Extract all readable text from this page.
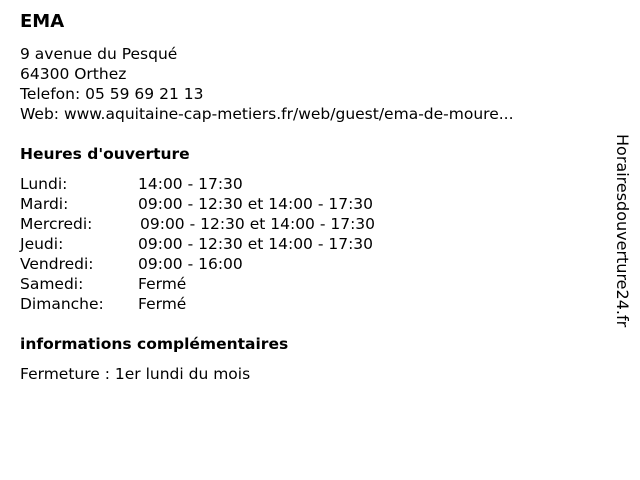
EMA
9 avenue du Pesqué
64300 Orthez
Telefon: 05 59 69 21 13
Web: www.aquitaine-cap-metiers.fr/web/guest/ema-de-moure...
Heures d'ouverture
Lundi:	14:00 - 17:30
Mardi:	09:00 - 12:30 et 14:00 - 17:30
Mercredi:	09:00 - 12:30 et 14:00 - 17:30
Jeudi:	09:00 - 12:30 et 14:00 - 17:30
Vendredi:	09:00 - 16:00
Samedi:	Fermé
Dimanche: Fermé
informations complémentaires
Fermeture : 1er lundi du mois
Horairesdouverture24.fr
